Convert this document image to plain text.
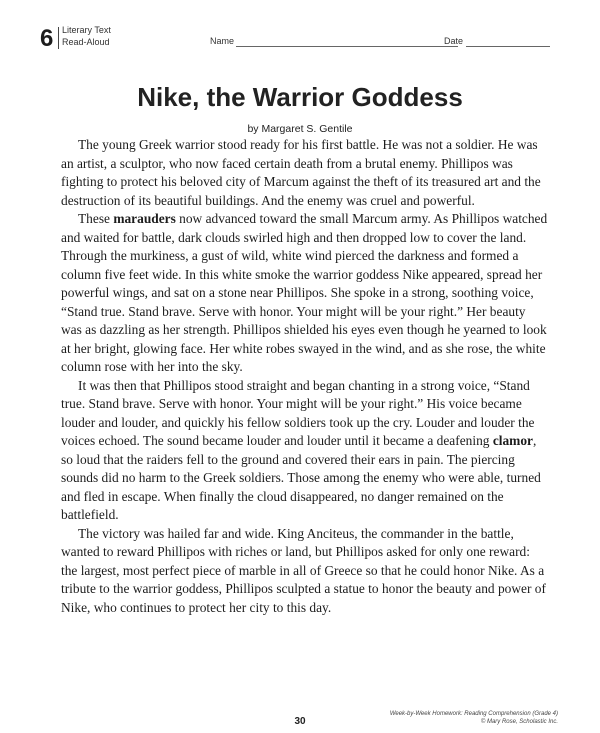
6 Literary Text
Read-Aloud	Name	Date
Nike, the Warrior Goddess
by Margaret S. Gentile

The young Greek warrior stood ready for his first battle. He was not a soldier. He was an artist, a sculptor, who now faced certain death from a brutal enemy. Phillipos was fighting to protect his beloved city of Marcum against the theft of its treasured art and the destruction of its beautiful buildings. And the enemy was cruel and powerful.

These marauders now advanced toward the small Marcum army. As Phillipos watched and waited for battle, dark clouds swirled high and then dropped low to cover the land. Through the murkiness, a gust of wild, white wind pierced the darkness and formed a column five feet wide. In this white smoke the warrior goddess Nike appeared, spread her powerful wings, and sat on a stone near Phillipos. She spoke in a strong, soothing voice, “Stand true. Stand brave. Serve with honor. Your might will be your right.” Her beauty was as dazzling as her strength. Phillipos shielded his eyes even though he yearned to look at her bright, glowing face. Her white robes swayed in the wind, and as she rose, the white column rose with her into the sky.

It was then that Phillipos stood straight and began chanting in a strong voice, “Stand true. Stand brave. Serve with honor. Your might will be your right.” His voice became louder and louder, and quickly his fellow soldiers took up the cry. Louder and louder the voices echoed. The sound became louder and louder until it became a deafening clamor, so loud that the raiders fell to the ground and covered their ears in pain. The piercing sounds did no harm to the Greek soldiers. Those among the enemy who were able, turned and fled in escape. When finally the cloud disappeared, no danger remained on the battlefield.

The victory was hailed far and wide. King Anciteus, the commander in the battle, wanted to reward Phillipos with riches or land, but Phillipos asked for only one reward: the largest, most perfect piece of marble in all of Greece so that he could honor Nike. As a tribute to the warrior goddess, Phillipos sculpted a statue to honor the beauty and power of Nike, who continues to protect her city to this day.

30
Week-by-Week Homework: Reading Comprehension (Grade 4)
© Mary Rose, Scholastic Inc.
